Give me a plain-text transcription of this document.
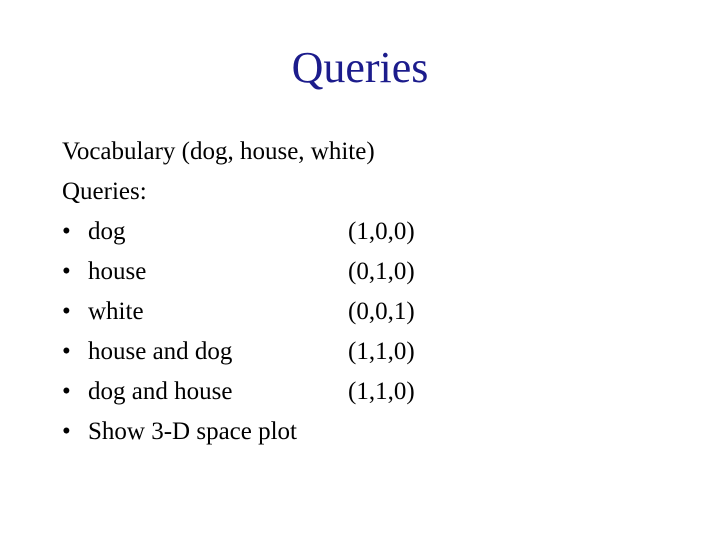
Queries
Vocabulary (dog, house, white)
Queries:
• dog	(1,0,0)
• house	(0,1,0)
• white	(0,0,1)
• house and dog	(1,1,0)
• dog and house	(1,1,0)
• Show 3-D space plot
